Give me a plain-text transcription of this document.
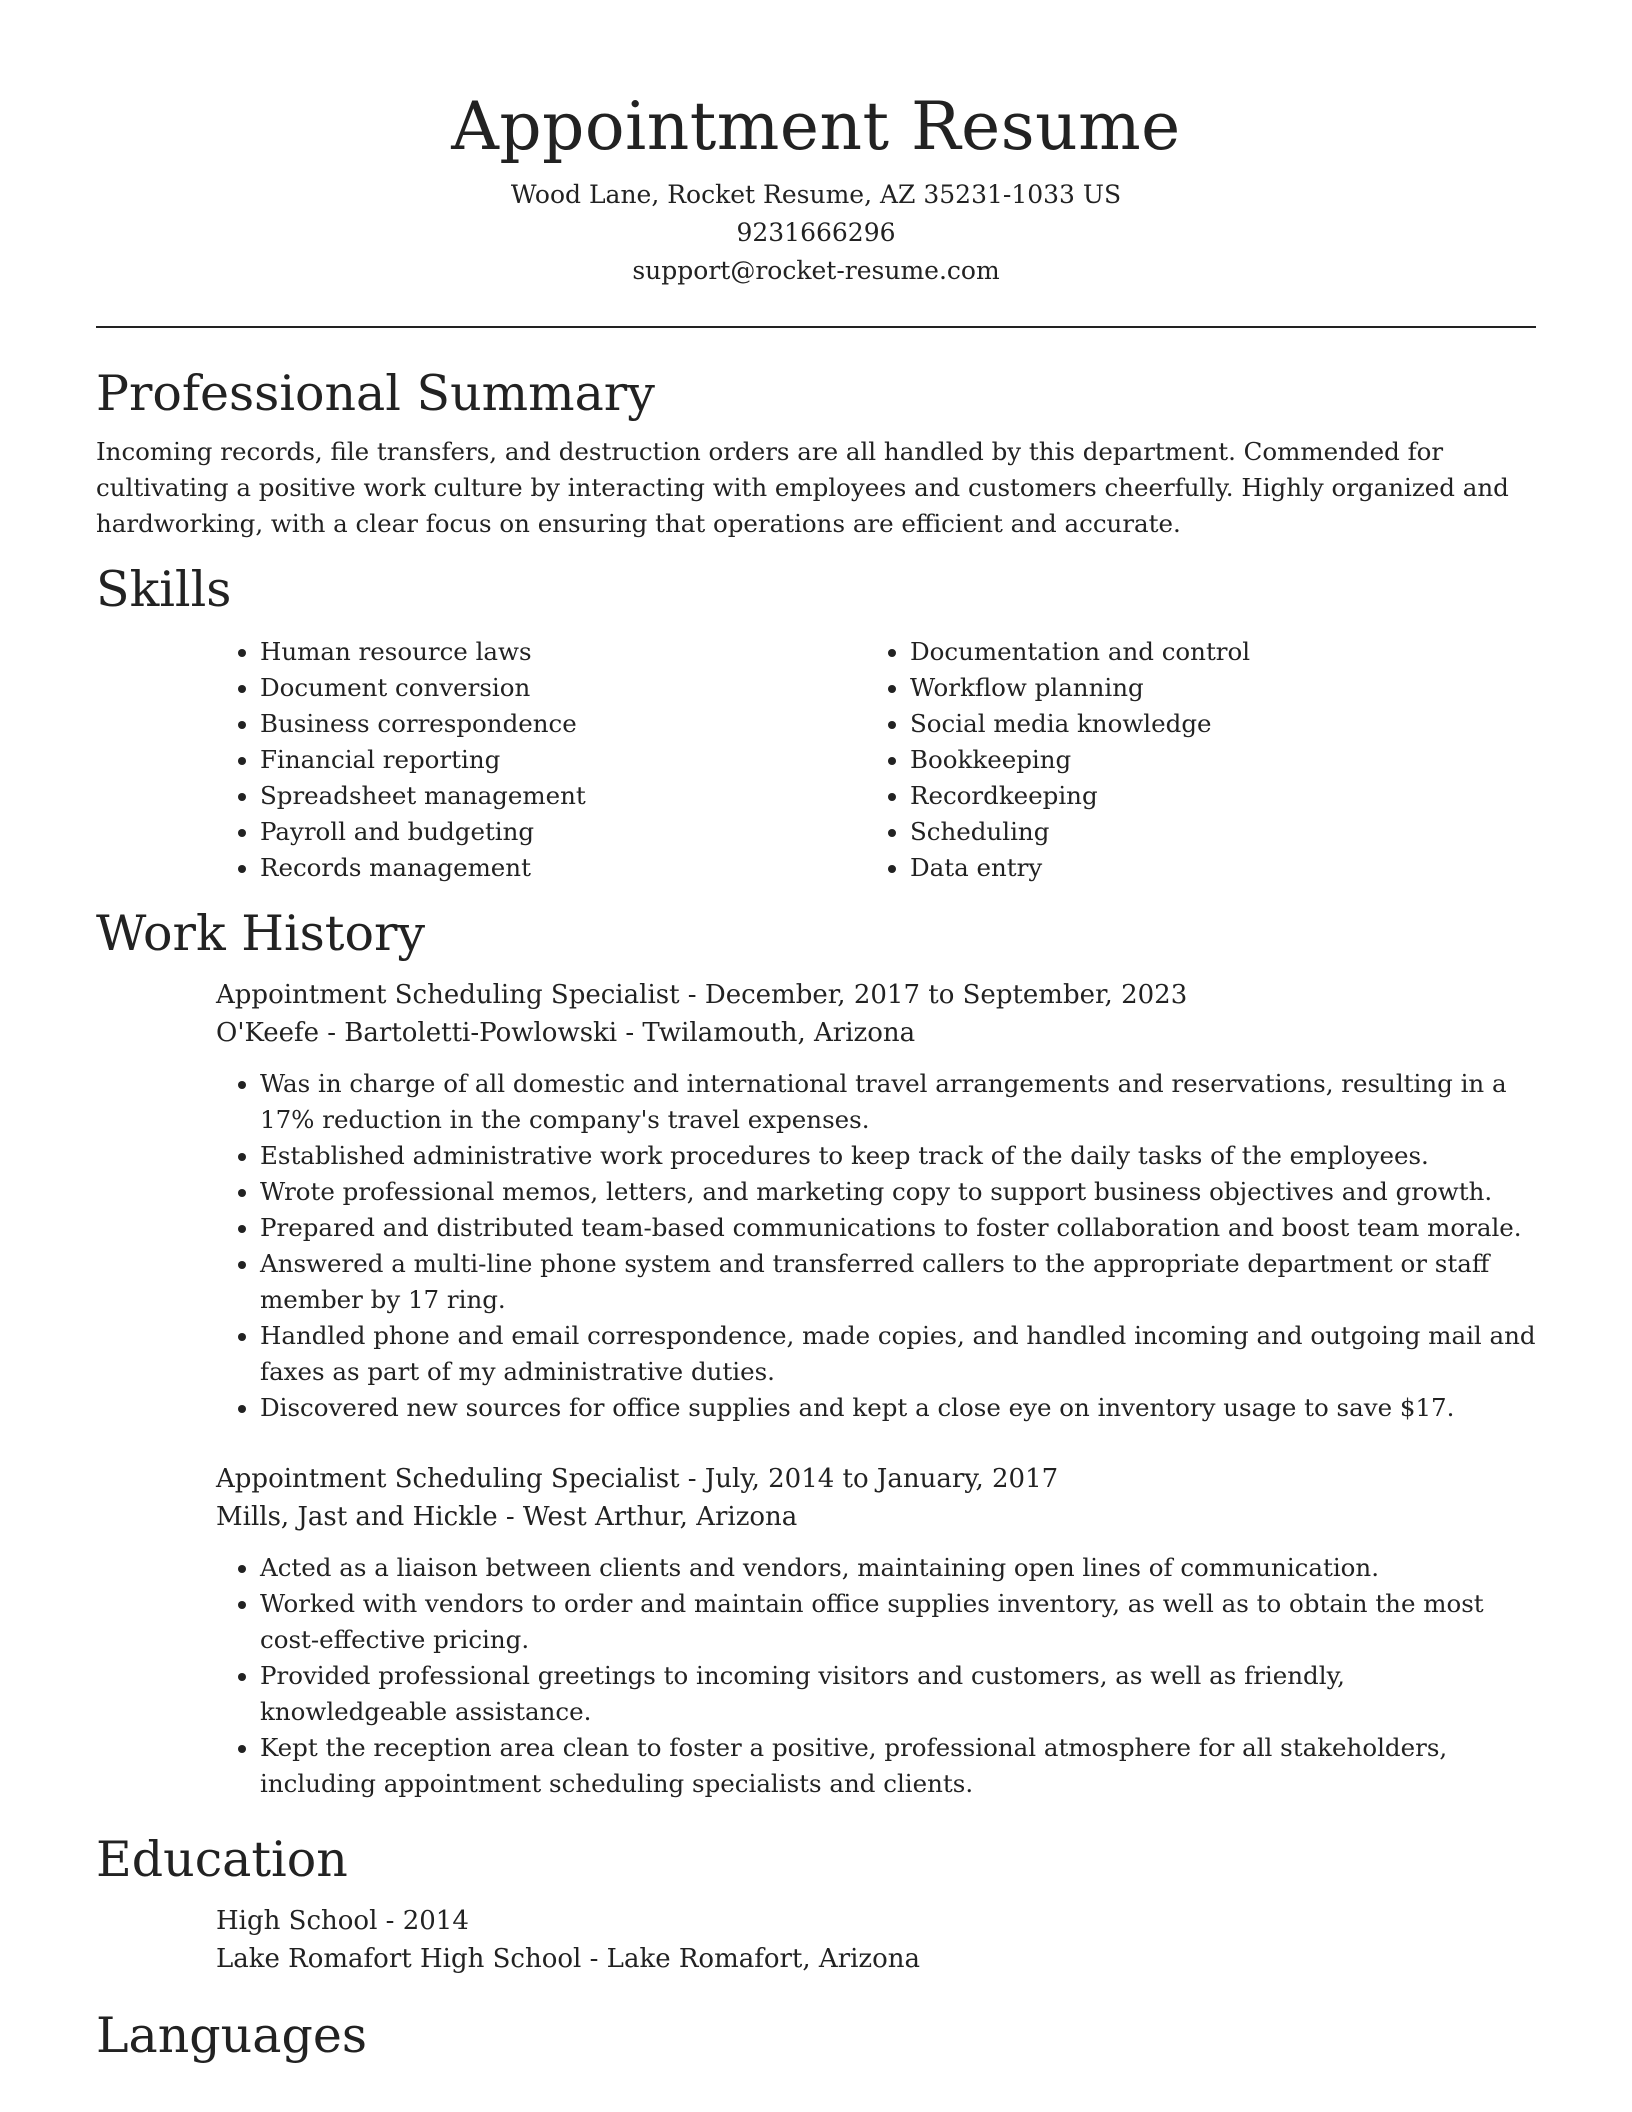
Appointment Resume
Wood Lane, Rocket Resume, AZ 35231-1033 US
9231666296
support@rocket-resume.com
Professional Summary

Incoming records, file transfers, and destruction orders are all handled by this department. Commended for cultivating a positive work culture by interacting with employees and customers cheerfully. Highly organized and hardworking, with a clear focus on ensuring that operations are efficient and accurate.

Skills
• Human resource laws
• Document conversion
• Business correspondence
• Financial reporting
• Spreadsheet management
• Payroll and budgeting
• Records management
• Documentation and control
• Workflow planning
• Social media knowledge
• Bookkeeping
• Recordkeeping
• Scheduling
• Data entry
Work History
Appointment Scheduling Specialist - December, 2017 to September, 2023
O'Keefe - Bartoletti-Powlowski - Twilamouth, Arizona
• Was in charge of all domestic and international travel arrangements and reservations, resulting in a 17% reduction in the company's travel expenses.
• Established administrative work procedures to keep track of the daily tasks of the employees.
• Wrote professional memos, letters, and marketing copy to support business objectives and growth.
• Prepared and distributed team-based communications to foster collaboration and boost team morale.
• Answered a multi-line phone system and transferred callers to the appropriate department or staff member by 17 ring.
• Handled phone and email correspondence, made copies, and handled incoming and outgoing mail and faxes as part of my administrative duties.
• Discovered new sources for office supplies and kept a close eye on inventory usage to save $17.
Appointment Scheduling Specialist - July, 2014 to January, 2017
Mills, Jast and Hickle - West Arthur, Arizona
• Acted as a liaison between clients and vendors, maintaining open lines of communication.
• Worked with vendors to order and maintain office supplies inventory, as well as to obtain the most cost-effective pricing.
• Provided professional greetings to incoming visitors and customers, as well as friendly, knowledgeable assistance.
• Kept the reception area clean to foster a positive, professional atmosphere for all stakeholders, including appointment scheduling specialists and clients.
Education
High School - 2014
Lake Romafort High School - Lake Romafort, Arizona
Languages
